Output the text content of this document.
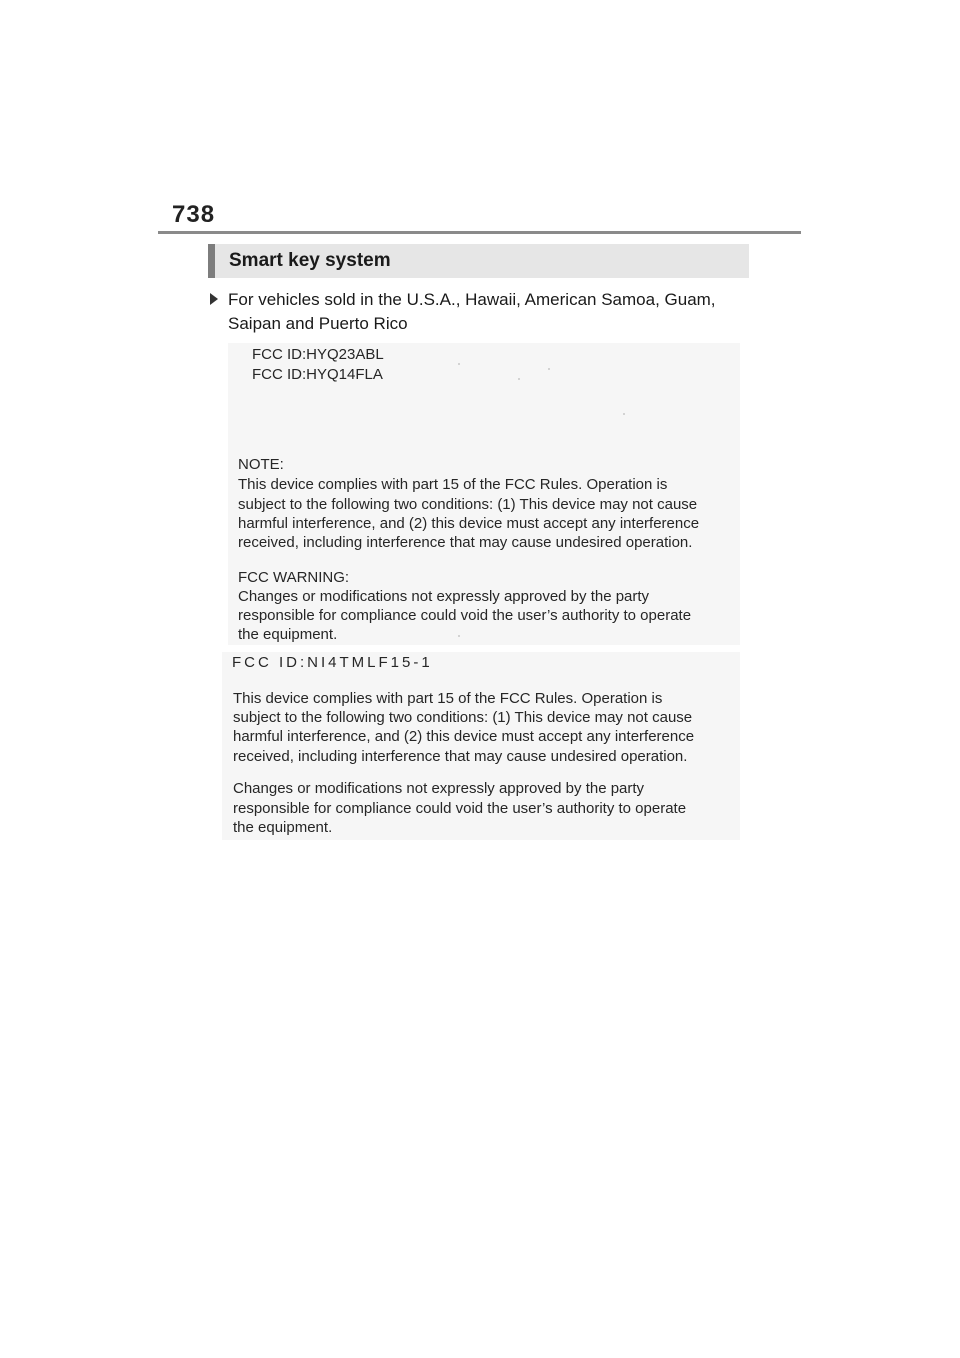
738
Smart key system
For vehicles sold in the U.S.A., Hawaii, American Samoa, Guam,
Saipan and Puerto Rico
FCC ID:HYQ23ABL
FCC ID:HYQ14FLA
NOTE:
This device complies with part 15 of the FCC Rules. Operation is
subject to the following two conditions: (1) This device may not cause
harmful interference, and (2) this device must accept any interference
received, including interference that may cause undesired operation.
FCC WARNING:
Changes or modifications not expressly approved by the party
responsible for compliance could void the user’s authority to operate
the equipment.
FCC ID:NI4TMLF15-1
This device complies with part 15 of the FCC Rules. Operation is
subject to the following two conditions: (1) This device may not cause
harmful interference, and (2) this device must accept any interference
received, including interference that may cause undesired operation.
Changes or modifications not expressly approved by the party
responsible for compliance could void the user’s authority to operate
the equipment.
